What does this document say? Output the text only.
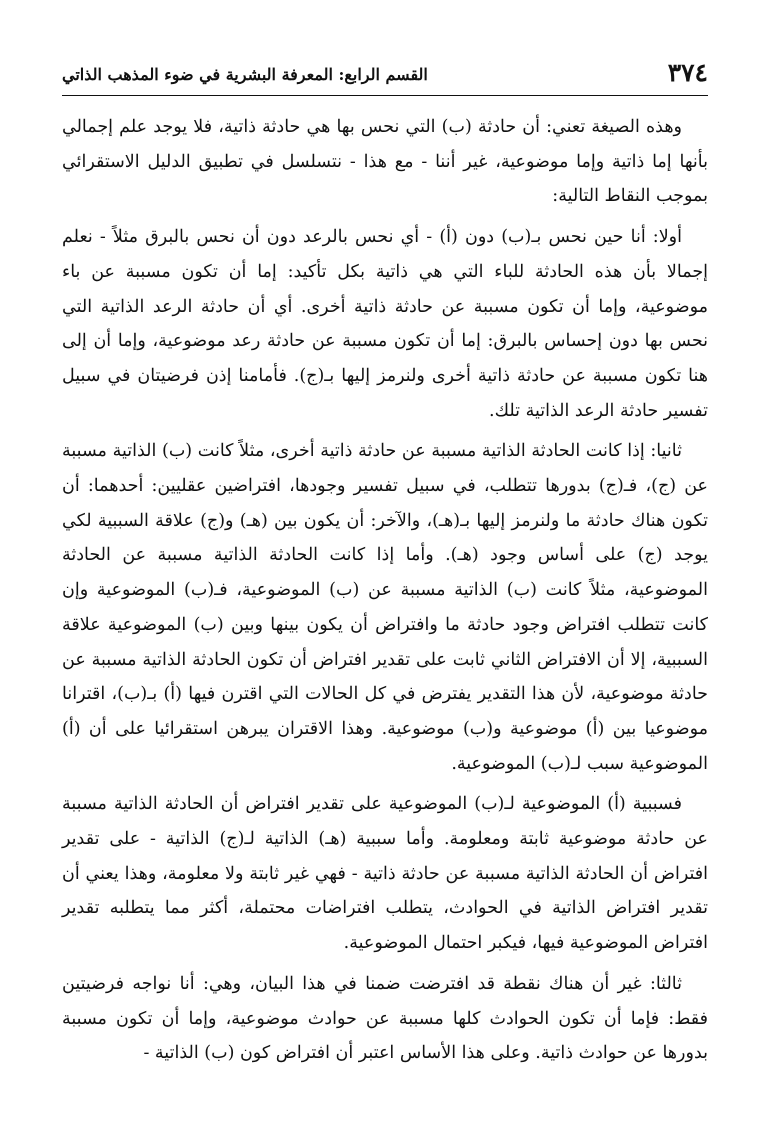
٣٧٤
القسم الرابع: المعرفة البشرية في ضوء المذهب الذاتي

وهذه الصيغة تعني: أن حادثة (ب) التي نحس بها هي حادثة ذاتية، فلا يوجد علم إجمالي بأنها إما ذاتية وإما موضوعية، غير أننا - مع هذا - نتسلسل في تطبيق الدليل الاستقرائي بموجب النقاط التالية:

أولا: أنا حين نحس بـ(ب) دون (أ) - أي نحس بالرعد دون أن نحس بالبرق مثلاً - نعلم إجمالا بأن هذه الحادثة للباء التي هي ذاتية بكل تأكيد: إما أن تكون مسببة عن باء موضوعية، وإما أن تكون مسببة عن حادثة ذاتية أخرى. أي أن حادثة الرعد الذاتية التي نحس بها دون إحساس بالبرق: إما أن تكون مسببة عن حادثة رعد موضوعية، وإما أن إلى هنا تكون مسببة عن حادثة ذاتية أخرى ولنرمز إليها بـ(ج). فأمامنا إذن فرضيتان في سبيل تفسير حادثة الرعد الذاتية تلك.

ثانيا: إذا كانت الحادثة الذاتية مسببة عن حادثة ذاتية أخرى، مثلاً كانت (ب) الذاتية مسببة عن (ج)، فـ(ج) بدورها تتطلب، في سبيل تفسير وجودها، افتراضين عقليين: أحدهما: أن تكون هناك حادثة ما ولنرمز إليها بـ(هـ)، والآخر: أن يكون بين (هـ) و(ج) علاقة السببية لكي يوجد (ج) على أساس وجود (هـ). وأما إذا كانت الحادثة الذاتية مسببة عن الحادثة الموضوعية، مثلاً كانت (ب) الذاتية مسببة عن (ب) الموضوعية، فـ(ب) الموضوعية وإن كانت تتطلب افتراض وجود حادثة ما وافتراض أن يكون بينها وبين (ب) الموضوعية علاقة السببية، إلا أن الافتراض الثاني ثابت على تقدير افتراض أن تكون الحادثة الذاتية مسببة عن حادثة موضوعية، لأن هذا التقدير يفترض في كل الحالات التي اقترن فيها (أ) بـ(ب)، اقترانا موضوعيا بين (أ) موضوعية و(ب) موضوعية. وهذا الاقتران يبرهن استقرائيا على أن (أ) الموضوعية سبب لـ(ب) الموضوعية.

فسببية (أ) الموضوعية لـ(ب) الموضوعية على تقدير افتراض أن الحادثة الذاتية مسببة عن حادثة موضوعية ثابتة ومعلومة. وأما سببية (هـ) الذاتية لـ(ج) الذاتية - على تقدير افتراض أن الحادثة الذاتية مسببة عن حادثة ذاتية - فهي غير ثابتة ولا معلومة، وهذا يعني أن تقدير افتراض الذاتية في الحوادث، يتطلب افتراضات محتملة، أكثر مما يتطلبه تقدير افتراض الموضوعية فيها، فيكبر احتمال الموضوعية.

ثالثا: غير أن هناك نقطة قد افترضت ضمنا في هذا البيان، وهي: أنا نواجه فرضيتين فقط: فإما أن تكون الحوادث كلها مسببة عن حوادث موضوعية، وإما أن تكون مسببة بدورها عن حوادث ذاتية. وعلى هذا الأساس اعتبر أن افتراض كون (ب) الذاتية -
